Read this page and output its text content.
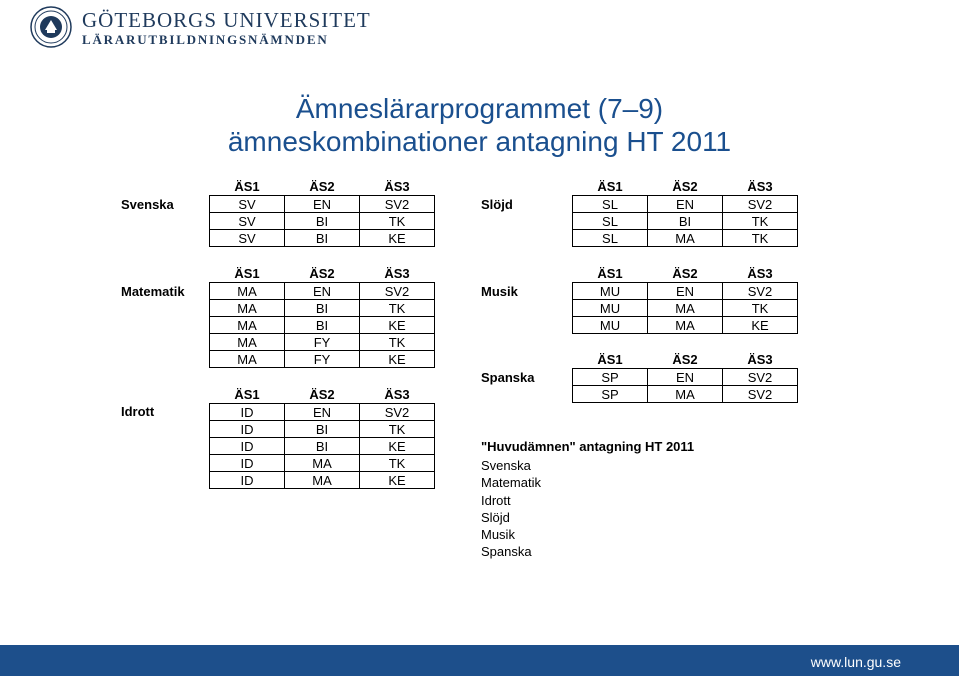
GÖTEBORGS UNIVERSITET
LÄRARUTBILDNINGSNÄMNDEN
Ämneslärarprogrammet (7–9)
ämneskombinationer antagning HT 2011
Svenska
ÄS1	ÄS2	ÄS3
SV	EN	SV2
SV	BI	TK
SV	BI	KE
Matematik
ÄS1	ÄS2	ÄS3
MA	EN	SV2
MA	BI	TK
MA	BI	KE
MA	FY	TK
MA	FY	KE
Idrott
ÄS1	ÄS2	ÄS3
ID	EN	SV2
ID	BI	TK
ID	BI	KE
ID	MA	TK
ID	MA	KE
Slöjd
ÄS1	ÄS2	ÄS3
SL	EN	SV2
SL	BI	TK
SL	MA	TK
Musik
ÄS1	ÄS2	ÄS3
MU	EN	SV2
MU	MA	TK
MU	MA	KE
Spanska
ÄS1	ÄS2	ÄS3
SP	EN	SV2
SP	MA	SV2
"Huvudämnen" antagning HT 2011
Svenska
Matematik
Idrott
Slöjd
Musik
Spanska
www.lun.gu.se
